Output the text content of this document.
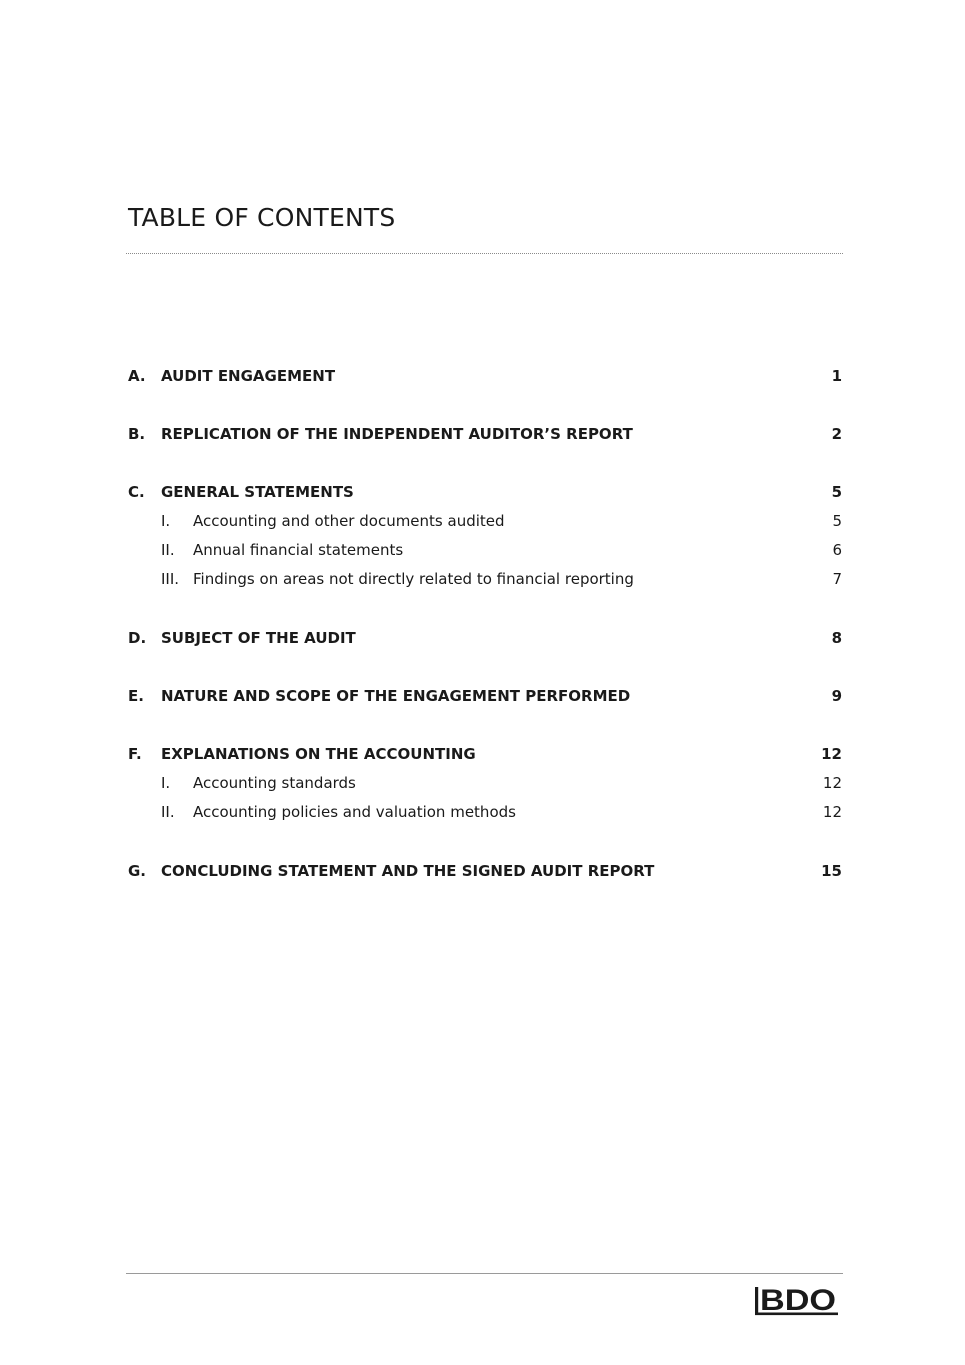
TABLE OF CONTENTS
A. AUDIT ENGAGEMENT	1
B. REPLICATION OF THE INDEPENDENT AUDITOR’S REPORT	2
C. GENERAL STATEMENTS	5
I. Accounting and other documents audited	5
II. Annual financial statements	6
III. Findings on areas not directly related to financial reporting	7
D. SUBJECT OF THE AUDIT	8
E. NATURE AND SCOPE OF THE ENGAGEMENT PERFORMED	9
F. EXPLANATIONS ON THE ACCOUNTING	12
I. Accounting standards	12
II. Accounting policies and valuation methods	12
G. CONCLUDING STATEMENT AND THE SIGNED AUDIT REPORT	15
BDO
